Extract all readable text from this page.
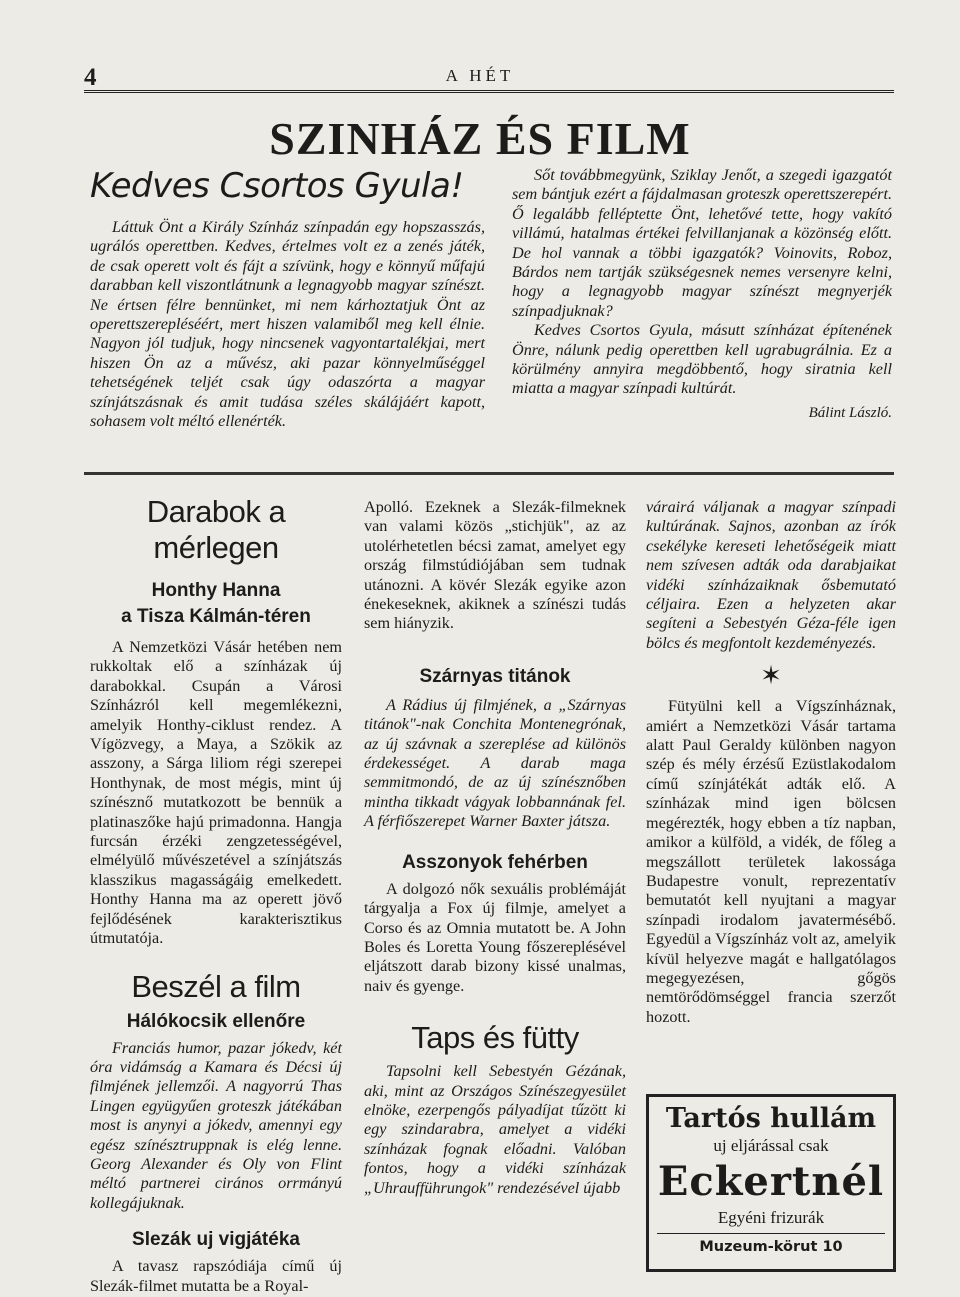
4	A HÉT
SZINHÁZ ÉS FILM
Kedves Csortos Gyula!

Láttuk Önt a Király Színház színpadán egy hopszasszás, ugrálós operettben. Kedves, értelmes volt ez a zenés játék, de csak operett volt és fájt a szívünk, hogy e könnyű műfajú darabban kell viszontlátnunk a legnagyobb magyar színészt. Ne értsen félre bennünket, mi nem kárhoztatjuk Önt az operettszerepléséért, mert hiszen valamiből meg kell élnie. Nagyon jól tudjuk, hogy nincsenek vagyontartalékjai, mert hiszen Ön az a művész, aki pazar könnyelműséggel tehetségének teljét csak úgy odaszórta a magyar színjátszásnak és amit tudása széles skálájáért kapott, sohasem volt méltó ellenérték.

Sőt továbbmegyünk, Sziklay Jenőt, a szegedi igazgatót sem bántjuk ezért a fájdalmasan groteszk operettszerepért. Ő legalább felléptette Önt, lehetővé tette, hogy vakító villámú, hatalmas értékei felvillanjanak a közönség előtt. De hol vannak a többi igazgatók? Voinovits, Roboz, Bárdos nem tartják szükségesnek nemes versenyre kelni, hogy a legnagyobb magyar színészt megnyerjék színpadjuknak?

Kedves Csortos Gyula, másutt színházat építenének Önre, nálunk pedig operettben kell ugrabugrálnia. Ez a körülmény annyira megdöbbentő, hogy siratnia kell miatta a magyar színpadi kultúrát.

Bálint László.
Darabok a mérlegen
Honthy Hanna
a Tisza Kálmán-téren

A Nemzetközi Vásár hetében nem rukkoltak elő a színházak új darabokkal. Csupán a Városi Színházról kell megemlékezni, amelyik Honthy-ciklust rendez. A Vígözvegy, a Maya, a Szökik az asszony, a Sárga liliom régi szerepei Honthynak, de most mégis, mint új színésznő mutatkozott be bennük a platinaszőke hajú primadonna. Hangja furcsán érzéki zengzetességével, elmélyülő művészetével a színjátszás klasszikus magasságáig emelkedett. Honthy Hanna ma az operett jövő fejlődésének karakterisztikus útmutatója.

Beszél a film
Hálókocsik ellenőre

Franciás humor, pazar jókedv, két óra vidámság a Kamara és Décsi új filmjének jellemzői. A nagyorrú Thas Lingen együgyűen groteszk játékában most is anynyi a jókedv, amennyi egy egész színésztruppnak is elég lenne. Georg Alexander és Oly von Flint méltó partnerei cirános orrmányú kollegájuknak.

Slezák uj vigjátéka

A tavasz rapszódiája című új Slezák-filmet mutatta be a Royal-

Apolló. Ezeknek a Slezák-filmeknek van valami közös „stichjük", az az utolérhetetlen bécsi zamat, amelyet egy ország filmstúdiójában sem tudnak utánozni. A kövér Slezák egyike azon énekeseknek, akiknek a színészi tudás sem hiányzik.

Szárnyas titánok

A Rádius új filmjének, a „Szárnyas titánok"-nak Conchita Montenegrónak, az új szávnak a szereplése ad különös érdekességet. A darab maga semmitmondó, de az új színésznőben mintha tikkadt vágyak lobbannának fel. A férfiőszerepet Warner Baxter játsza.

Asszonyok fehérben

A dolgozó nők sexuális problémáját tárgyalja a Fox új filmje, amelyet a Corso és az Omnia mutatott be. A John Boles és Loretta Young főszereplésével eljátszott darab bizony kissé unalmas, naiv és gyenge.

Taps és fütty

Tapsolni kell Sebestyén Gézának, aki, mint az Országos Színészegyesület elnöke, ezerpengős pályadíjat tűzött ki egy szindarabra, amelyet a vidéki színházak fognak előadni. Valóban fontos, hogy a vidéki színházak „Uhraufführungok" rendezésével újabb

várairá váljanak a magyar színpadi kultúrának. Sajnos, azonban az írók csekélyke kereseti lehetőségeik miatt nem szívesen adták oda darabjaikat vidéki színházaiknak ősbemutató céljaira. Ezen a helyzeten akar segíteni a Sebestyén Géza-féle igen bölcs és megfontolt kezdeményezés.

✶

Fütyülni kell a Vígszínháznak, amiért a Nemzetközi Vásár tartama alatt Paul Geraldy különben nagyon szép és mély érzésű Ezüstlakodalom című színjátékát adták elő. A színházak mind igen bölcsen megérezték, hogy ebben a tíz napban, amikor a külföld, a vidék, de főleg a megszállott területek lakossága Budapestre vonult, reprezentatív bemutatót kell nyujtani a magyar színpadi irodalom javatermésébő. Egyedül a Vígszínház volt az, amelyik kívül helyezve magát e hallgatólagos megegyezésen, gőgös nemtörődömséggel francia szerzőt hozott.

Tartós hullám
uj eljárással csak
Eckertnél
Egyéni frizurák
Muzeum-körut 10
